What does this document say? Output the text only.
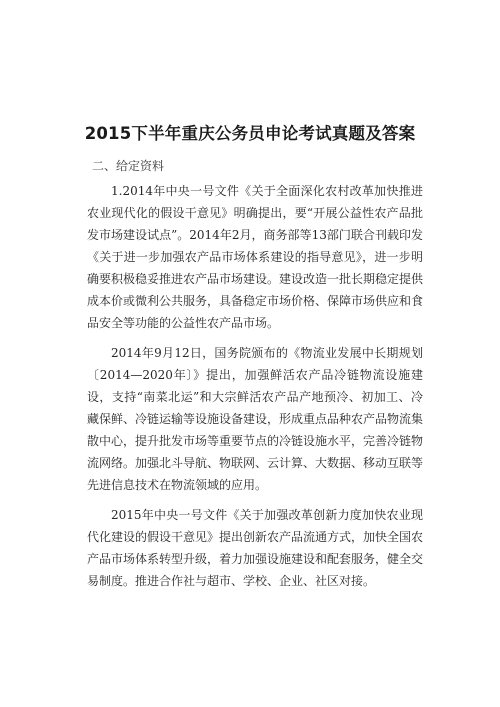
2015下半年重庆公务员申论考试真题及答案
二、给定资料

1.2014年中央一号文件《关于全面深化农村改革加快推进农业现代化的假设干意见》明确提出，要“开展公益性农产品批发市场建设试点”。2014年2月，商务部等13部门联合刊载印发《关于进一步加强农产品市场体系建设的指导意见》，进一步明确要积极稳妥推进农产品市场建设。建设改造一批长期稳定提供成本价或微利公共服务，具备稳定市场价格、保障市场供应和食品安全等功能的公益性农产品市场。

2014年9月12日，国务院颁布的《物流业发展中长期规划〔2014—2020年〕》提出，加强鲜活农产品冷链物流设施建设，支持“南菜北运”和大宗鲜活农产品产地预冷、初加工、冷藏保鲜、冷链运输等设施设备建设，形成重点品种农产品物流集散中心，提升批发市场等重要节点的冷链设施水平，完善冷链物流网络。加强北斗导航、物联网、云计算、大数据、移动互联等先进信息技术在物流领域的应用。

2015年中央一号文件《关于加强改革创新力度加快农业现代化建设的假设干意见》提出创新农产品流通方式，加快全国农产品市场体系转型升级，着力加强设施建设和配套服务，健全交易制度。推进合作社与超市、学校、企业、社区对接。
